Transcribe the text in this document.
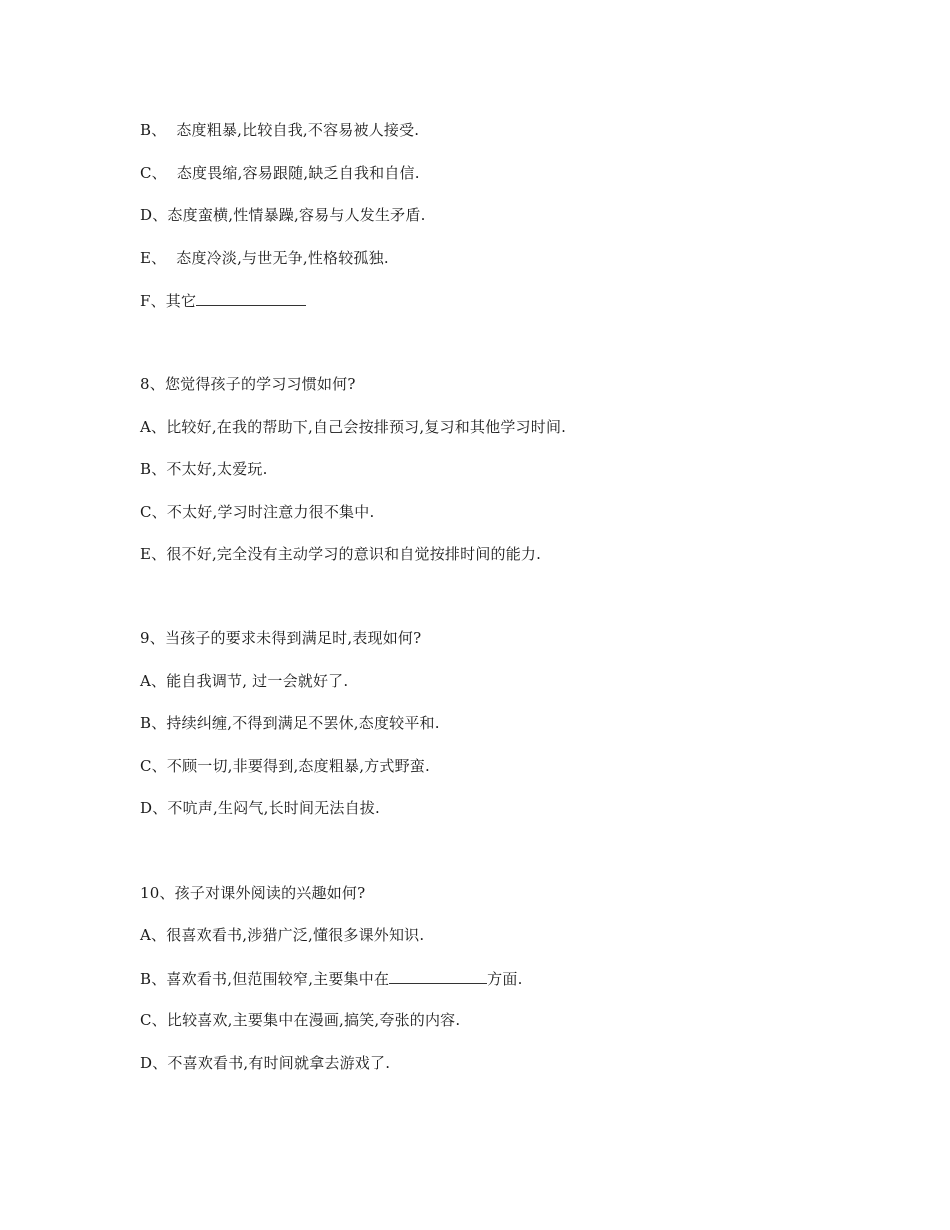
B、  态度粗暴,比较自我,不容易被人接受.
C、  态度畏缩,容易跟随,缺乏自我和自信.
D、态度蛮横,性情暴躁,容易与人发生矛盾.
E、  态度冷淡,与世无争,性格较孤独.
F、其它
8、您觉得孩子的学习习惯如何?
A、比较好,在我的帮助下,自己会按排预习,复习和其他学习时间.
B、不太好,太爱玩.
C、不太好,学习时注意力很不集中.
E、很不好,完全没有主动学习的意识和自觉按排时间的能力.
9、当孩子的要求未得到满足时,表现如何?
A、能自我调节, 过一会就好了.
B、持续纠缠,不得到满足不罢休,态度较平和.
C、不顾一切,非要得到,态度粗暴,方式野蛮.
D、不吭声,生闷气,长时间无法自拔.
10、孩子对课外阅读的兴趣如何?
A、很喜欢看书,涉猎广泛,懂很多课外知识.
B、喜欢看书,但范围较窄,主要集中在	方面.
C、比较喜欢,主要集中在漫画,搞笑,夸张的内容.
D、不喜欢看书,有时间就拿去游戏了.
